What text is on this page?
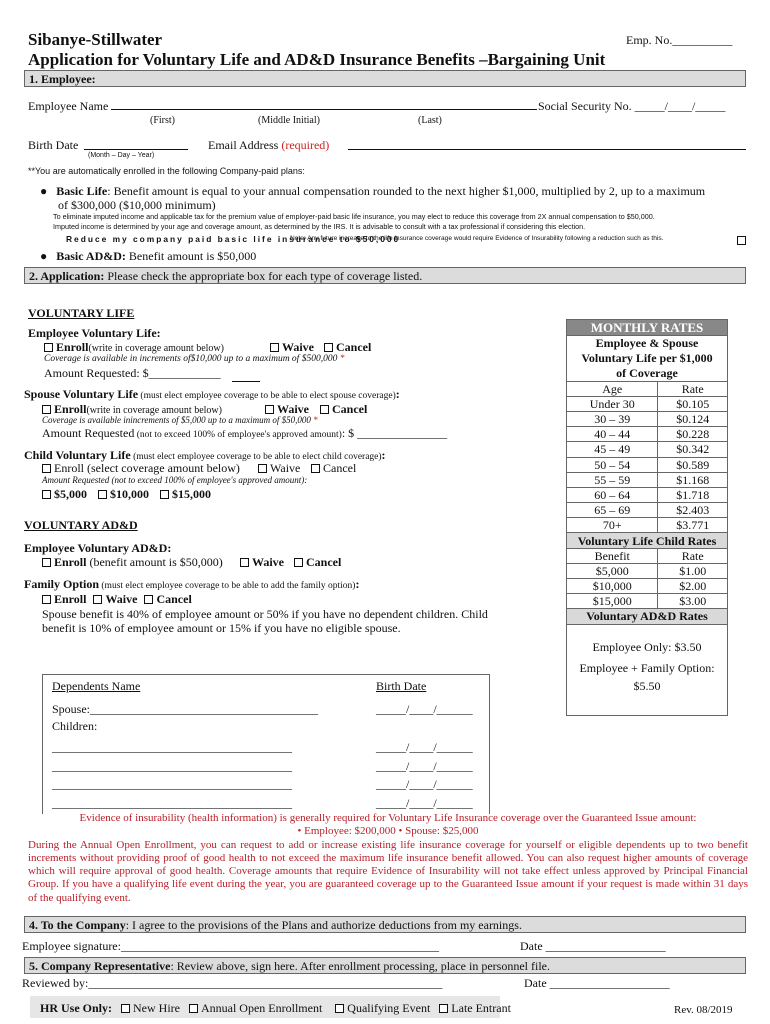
Sibanye-Stillwater	Emp. No.__________
Application for Voluntary Life and AD&D Insurance Benefits –Bargaining Unit
1. Employee:
Employee Name	Social Security No. _____/____/_____
(First)	(Middle Initial)	(Last)
Birth Date	Email Address (required)
(Month – Day – Year)
**You are automatically enrolled in the following Company-paid plans:
● Basic Life: Benefit amount is equal to your annual compensation rounded to the next higher $1,000, multiplied by 2, up to a maximum
of $300,000 ($10,000 minimum)
To eliminate imputed income and applicable tax for the premium value of employer-paid basic life insurance, you may elect to reduce this coverage from 2X annual compensation to $50,000.
Imputed income is determined by your age and coverage amount, as determined by the IRS. It is advisable to consult with a tax professional if considering this election.
Reduce my company paid basic life insurance to $50,000
Note: Any future increase to the life insurance coverage would require Evidence of Insurability following a reduction such as this.
● Basic AD&D: Benefit amount is $50,000
2. Application: Please check the appropriate box for each type of coverage listed.
VOLUNTARY LIFE
Employee Voluntary Life:
Enroll(write in coverage amount below)	Waive	Cancel
Coverage is available in increments of$10,000 up to a maximum of $500,000 *
Amount Requested: $____________
Spouse Voluntary Life (must elect employee coverage to be able to elect spouse coverage):
Enroll(write in coverage amount below)	Waive	Cancel
Coverage is available inincrements of $5,000 up to a maximum of $50,000 *
Amount Requested (not to exceed 100% of employee's approved amount): $ _______________
Child Voluntary Life (must elect employee coverage to be able to elect child coverage):
Enroll (select coverage amount below)	Waive	Cancel
Amount Requested (not to exceed 100% of employee's approved amount):
$5,000 $10,000 $15,000
VOLUNTARY AD&D
Employee Voluntary AD&D:
Enroll (benefit amount is $50,000)	Waive	Cancel
Family Option (must elect employee coverage to be able to add the family option):
Enroll Waive Cancel
Spouse benefit is 40% of employee amount or 50% if you have no dependent children. Child
benefit is 10% of employee amount or 15% if you have no eligible spouse.
MONTHLY RATES	
Employee & Spouse	
Voluntary Life per $1,000	
of Coverage	
Age	Rate
Under 30	$0.105
30 – 39	$0.124
40 – 44	$0.228
45 – 49	$0.342
50 – 54	$0.589
55 – 59	$1.168
60 – 64	$1.718
65 – 69	$2.403
70+	$3.771
Voluntary Life Child Rates	
Benefit	Rate
$5,000	$1.00
$10,000	$2.00
$15,000	$3.00
Voluntary AD&D Rates	

Employee Only: $3.50
Employee + Family Option:
$5.50	
Dependents Name	Birth Date
Spouse:______________________________________	_____/____/______
Children:
________________________________________	_____/____/______
________________________________________	_____/____/______
________________________________________	_____/____/______
________________________________________	_____/____/______
Evidence of insurability (health information) is generally required for Voluntary Life Insurance coverage over the Guaranteed Issue amount:
• Employee: $200,000 • Spouse: $25,000
During the Annual Open Enrollment, you can request to add or increase existing life insurance coverage for yourself or eligible dependents up to two benefit increments without providing proof of good health to not exceed the maximum life insurance benefit allowed. You can also request higher amounts of coverage which will require approval of good health. Coverage amounts that require Evidence of Insurability will not take effect unless approved by Principal Financial Group. If you have a qualifying life event during the year, you are guaranteed coverage up to the Guaranteed Issue amount if your request is made within 31 days of the qualifying event.
4. To the Company: I agree to the provisions of the Plans and authorize deductions from my earnings.
Employee signature:_____________________________________________________	Date ____________________
5. Company Representative: Review above, sign here. After enrollment processing, place in personnel file.
Reviewed by:___________________________________________________________	Date ____________________
HR Use Only: New Hire Annual Open Enrollment Qualifying Event Late Entrant	Rev. 08/2019
